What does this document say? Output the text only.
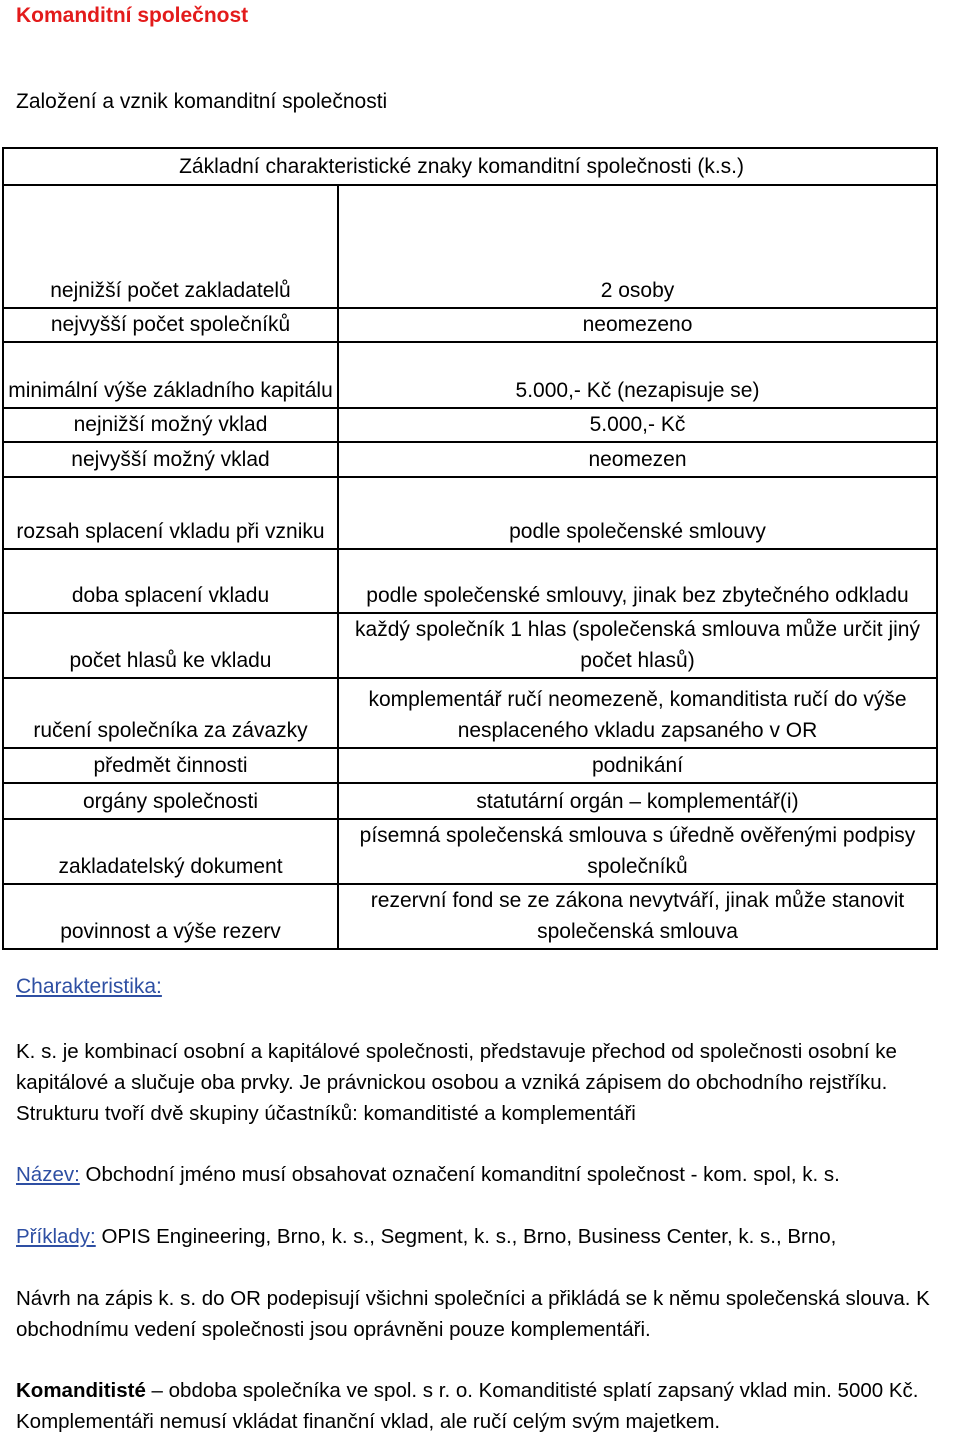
Komanditní společnost
Založení a vznik komanditní společnosti
Základní charakteristické znaky komanditní společnosti (k.s.)	
nejnižší počet zakladatelů	2 osoby
nejvyšší počet společníků	neomezeno
minimální výše základního kapitálu	5.000,- Kč (nezapisuje se)
nejnižší možný vklad	5.000,- Kč
nejvyšší možný vklad	neomezen
rozsah splacení vkladu při vzniku	podle společenské smlouvy
doba splacení vkladu	podle společenské smlouvy, jinak bez zbytečného odkladu
počet hlasů ke vkladu	každý společník 1 hlas (společenská smlouva může určit jiný počet hlasů)
ručení společníka za závazky	komplementář ručí neomezeně, komanditista ručí do výše nesplaceného vkladu zapsaného v OR
předmět činnosti	podnikání
orgány společnosti	statutární orgán – komplementář(i)
zakladatelský dokument	písemná společenská smlouva s úředně ověřenými podpisy společníků
povinnost a výše rezerv	rezervní fond se ze zákona nevytváří, jinak může stanovit společenská smlouva
Charakteristika:
K. s. je kombinací osobní a kapitálové společnosti, představuje přechod od společnosti osobní ke kapitálové a slučuje oba prvky. Je právnickou osobou a vzniká zápisem do obchodního rejstříku. Strukturu tvoří dvě skupiny účastníků: komanditisté a komplementáři
Název: Obchodní jméno musí obsahovat označení komanditní společnost - kom. spol, k. s.
Příklady: OPIS Engineering, Brno, k. s., Segment, k. s., Brno, Business Center, k. s., Brno,
Návrh na zápis k. s. do OR podepisují všichni společníci a přikládá se k němu společenská slouva. K obchodnímu vedení společnosti jsou oprávněni pouze komplementáři.
Komanditisté – obdoba společníka ve spol. s r. o. Komanditisté splatí zapsaný vklad min. 5000 Kč. Komplementáři nemusí vkládat finanční vklad, ale ručí celým svým majetkem.
